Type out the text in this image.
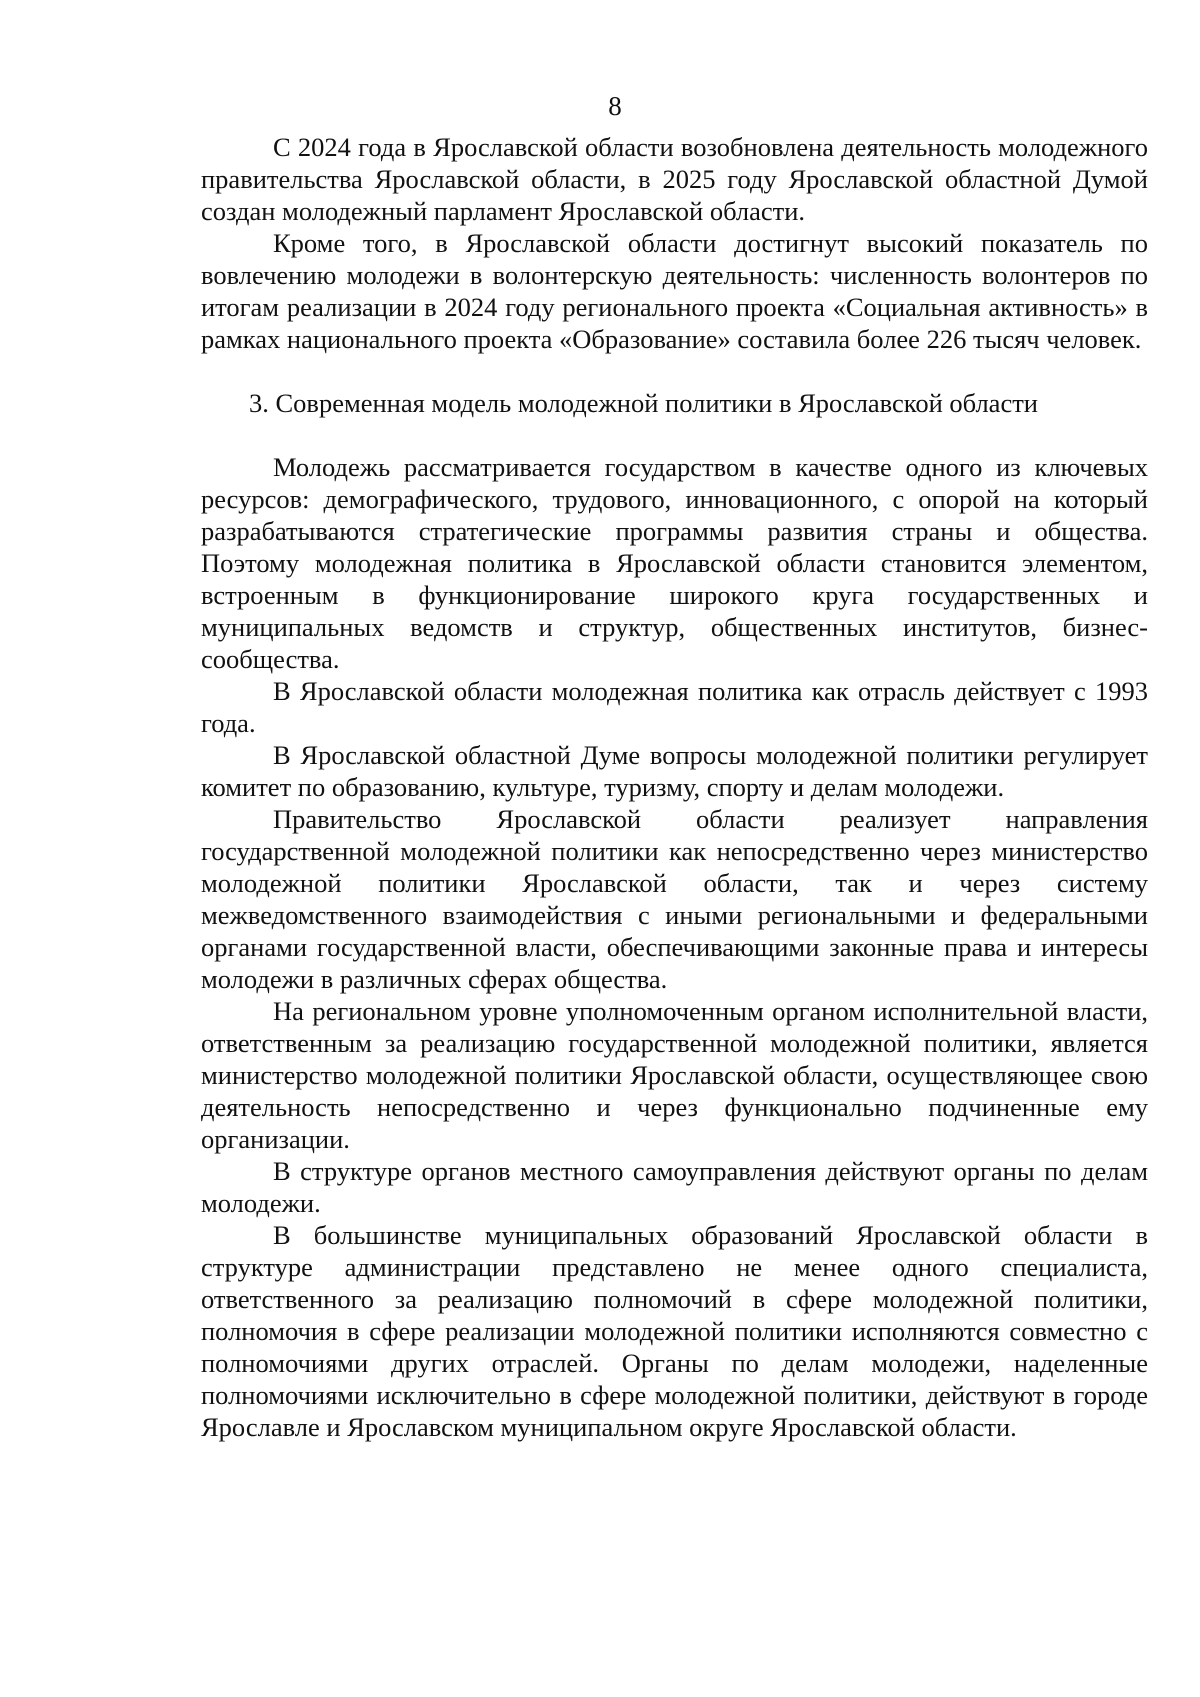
8

С 2024 года в Ярославской области возобновлена деятельность молодежного правительства Ярославской области, в 2025 году Ярославской областной Думой создан молодежный парламент Ярославской области.

Кроме того, в Ярославской области достигнут высокий показатель по вовлечению молодежи в волонтерскую деятельность: численность волонтеров по итогам реализации в 2024 году регионального проекта «Социальная активность» в рамках национального проекта «Образование» составила более 226 тысяч человек.

3. Современная модель молодежной политики в Ярославской области

Молодежь рассматривается государством в качестве одного из ключевых ресурсов: демографического, трудового, инновационного, с опорой на который разрабатываются стратегические программы развития страны и общества. Поэтому молодежная политика в Ярославской области становится элементом, встроенным в функционирование широкого круга государственных и муниципальных ведомств и структур, общественных институтов, бизнес-сообщества.

В Ярославской области молодежная политика как отрасль действует с 1993 года.

В Ярославской областной Думе вопросы молодежной политики регулирует комитет по образованию, культуре, туризму, спорту и делам молодежи.

Правительство Ярославской области реализует направления государственной молодежной политики как непосредственно через министерство молодежной политики Ярославской области, так и через систему межведомственного взаимодействия с иными региональными и федеральными органами государственной власти, обеспечивающими законные права и интересы молодежи в различных сферах общества.

На региональном уровне уполномоченным органом исполнительной власти, ответственным за реализацию государственной молодежной политики, является министерство молодежной политики Ярославской области, осуществляющее свою деятельность непосредственно и через функционально подчиненные ему организации.

В структуре органов местного самоуправления действуют органы по делам молодежи.

В большинстве муниципальных образований Ярославской области в структуре администрации представлено не менее одного специалиста, ответственного за реализацию полномочий в сфере молодежной политики, полномочия в сфере реализации молодежной политики исполняются совместно с полномочиями других отраслей. Органы по делам молодежи, наделенные полномочиями исключительно в сфере молодежной политики, действуют в городе Ярославле и Ярославском муниципальном округе Ярославской области.
